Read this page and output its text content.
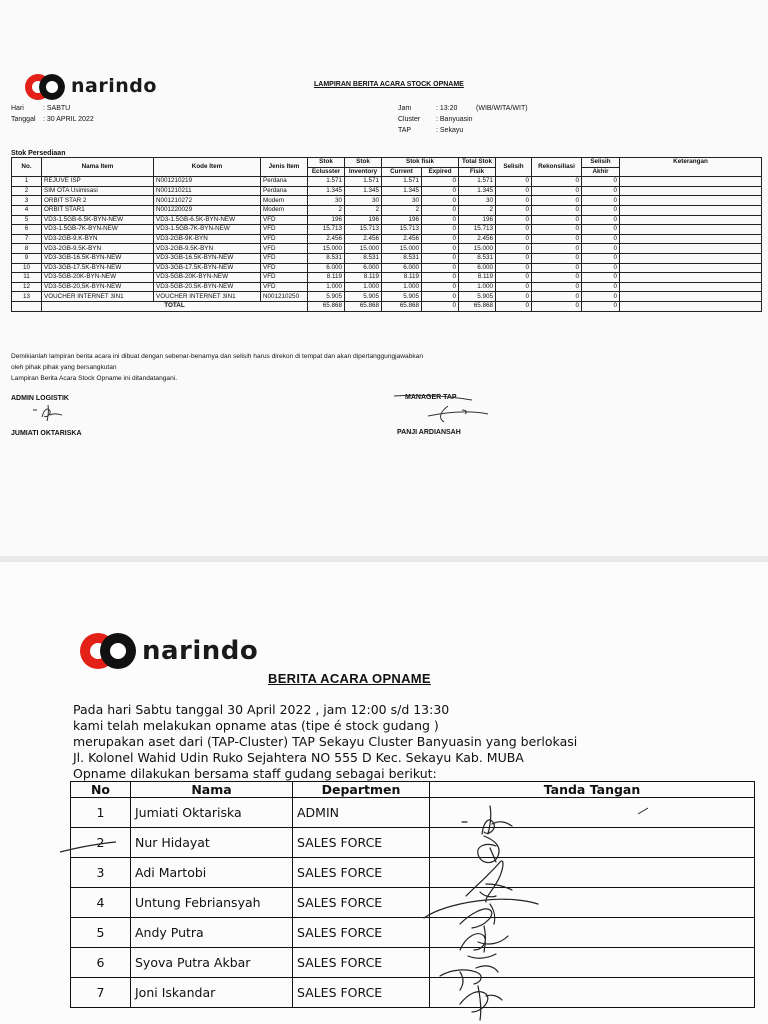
narindo	LAMPIRAN BERITA ACARA STOCK OPNAME
Hari	: SABTU
Tanggal	: 30 APRIL 2022
Jam	: 13:20	(WIB/WITA/WIT)
Cluster	: Banyuasin
TAP	: Sekayu
Stok Persediaan
No.	Nama Item	Kode Item	Jenis Item	Stok	Stok	Stok fisik		Total Stok	Selisih	Rekonsiliasi	Selisih	Keterangan
				Eclusster	Inventory	Current	Expired	Fisik			Akhir	
1	REJUVE ISP	N001210219	Perdana	1.571	1.571	1.571	0	1.571	0	0	0	
2	SIM OTA Usimisasi	N001210211	Perdana	1.345	1.345	1.345	0	1.345	0	0	0	
3	ORBIT STAR 2	N001210272	Modem	30	30	30	0	30	0	0	0	
4	ORBIT STAR1	N001220029	Modem	2	2	2	0	2	0	0	0	
5	VD3-1.5GB-6.5K-BYN-NEW	VD3-1.5GB-6.5K-BYN-NEW	VFD	196	196	196	0	196	0	0	0	
6	VD3-1.5GB-7K-BYN-NEW	VD3-1.5GB-7K-BYN-NEW	VFD	15.713	15.713	15.713	0	15.713	0	0	0	
7	VD3-2GB-9.K-BYN	VD3-2GB-9K-BYN	VFD	2.456	2.456	2.456	0	2.456	0	0	0	
8	VD3-2GB-9.5K-BYN	VD3-2GB-9.5K-BYN	VFD	15.000	15.000	15.000	0	15.000	0	0	0	
9	VD3-3GB-16.5K-BYN-NEW	VD3-3GB-16.5K-BYN-NEW	VFD	8.531	8.531	8.531	0	8.531	0	0	0	
10	VD3-3GB-17.5K-BYN-NEW	VD3-3GB-17.5K-BYN-NEW	VFD	6.000	6.000	6.000	0	6.000	0	0	0	
11	VD3-5GB-20K-BYN-NEW	VD3-5GB-20K-BYN-NEW	VFD	8.119	8.119	8.119	0	8.119	0	0	0	
12	VD3-5GB-20,5K-BYN-NEW	VD3-5GB-20.5K-BYN-NEW	VFD	1.000	1.000	1.000	0	1.000	0	0	0	
13	VOUCHER INTERNET 3IN1	VOUCHER INTERNET 3IN1	N001210250	5.905	5.905	5.905	0	5.905	0	0	0	
	TOTAL			65.868	65.868	65.868	0	65.868	0	0	0	
Demikianlah lampiran berita acara ini dibuat dengan sebenar-benarnya dan selisih harus direkon di tempat dan akan dipertanggungjawabkan
oleh pihak pihak yang bersangkutan
Lampiran Berita Acara Stock Opname ini ditandatangani.
ADMIN LOGISTIK
JUMIATI OKTARISKA
MANAGER TAP
PANJI ARDIANSAH
narindo
BERITA ACARA OPNAME
Pada hari Sabtu tanggal 30 April 2022 , jam 12:00 s/d 13:30
kami telah melakukan opname atas (tipe é stock gudang )
merupakan aset dari (TAP-Cluster) TAP Sekayu Cluster Banyuasin yang berlokasi
Jl. Kolonel Wahid Udin Ruko Sejahtera NO 555 D Kec. Sekayu Kab. MUBA
Opname dilakukan bersama staff gudang sebagai berikut:
No	Nama	Departmen	Tanda Tangan
1	Jumiati Oktariska	ADMIN	
2	Nur Hidayat	SALES FORCE	
3	Adi Martobi	SALES FORCE	
4	Untung Febriansyah	SALES FORCE	
5	Andy Putra	SALES FORCE	
6	Syova Putra Akbar	SALES FORCE	
7	Joni Iskandar	SALES FORCE	
